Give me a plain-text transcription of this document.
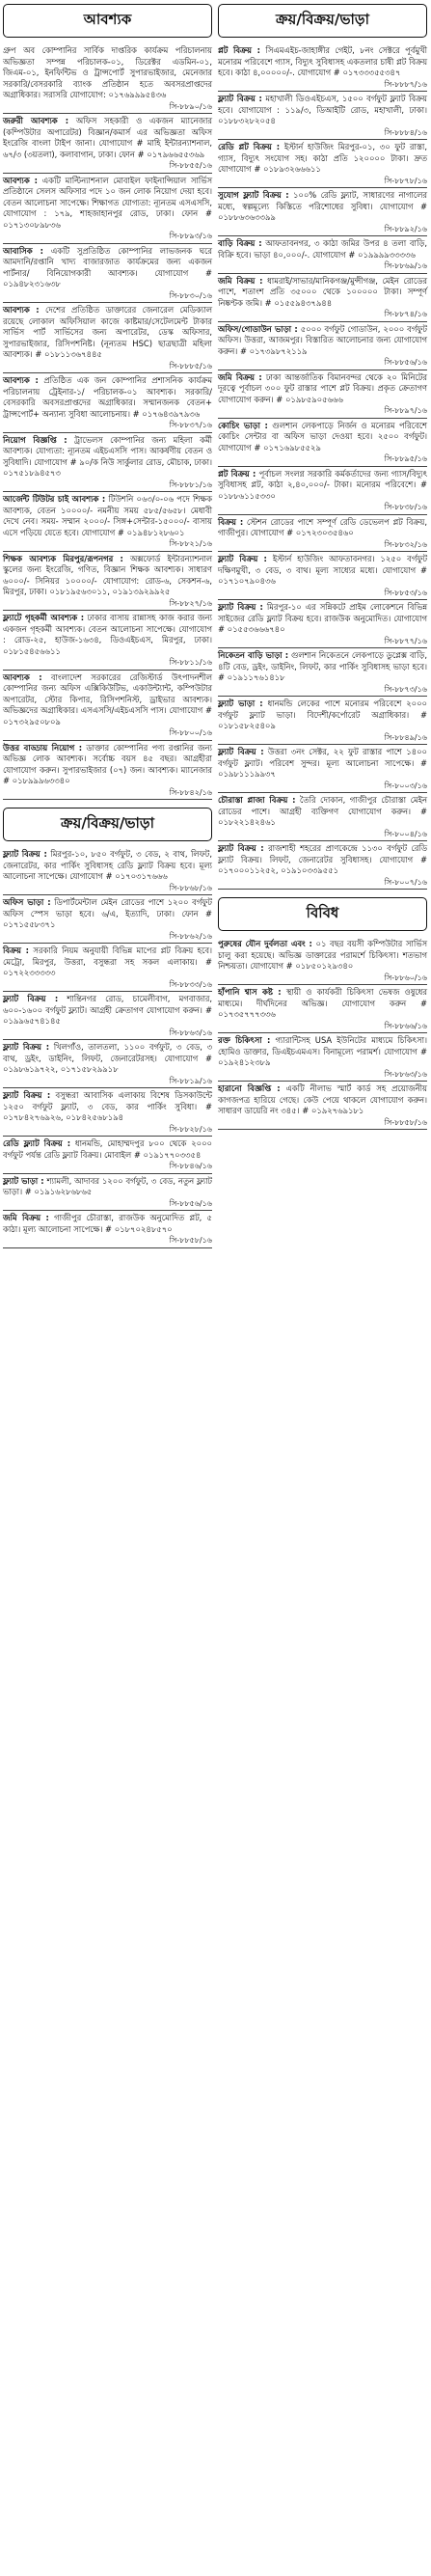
আবশ্যক
গ্রুপ অব কোম্পানির সার্বিক দাপ্তরিক কার্যক্রম পরিচালনায় অভিজ্ঞতা সম্পন্ন পরিচালক-০১, ডিরেক্টর এডমিন-০১, জিএম-০১, ইনফিন্টিভ ও ট্রান্সপোর্ট সুপারভাইজার, মেনেজার সরকারি/বেসরকারি ব্যাংক প্রতিষ্ঠান হতে অবসরপ্রাপ্তদের অগ্রাধিকার। সরাসরি যোগাযোগ: ০১৭৬৯৯৯৫৪৩৬
সি-৮৮৯০/১৬
জরুরী আবশ্যক : অফিস সহকারী ও একজন ম্যানেজার (কম্পিউটার অপারেটর) বিজ্ঞান/কমার্স এর অভিজ্ঞতা অফিস ইংরেজি বাংলা টাইপ জানা। যোগাযোগ # মাহি ইন্টারন্যাশনাল, ৬৭/৩ (৩য়তলা), কলাবাগান, ঢাকা। ফোন # ০১৭৯৬৬৫৫৩৬৯
সি-৮৮৫৫/১৬
আবশ্যক : একটি মাল্টিন্যাশনাল মোবাইল ফাইনান্সিয়াল সার্ভিস প্রতিষ্ঠানে সেলস অফিসার পদে ১০ জন লোক নিয়োগ দেয়া হবে। বেতন আলোচনা সাপেক্ষে। শিক্ষাগত যোগ্যতা: ন্যূনতম এসএসসি, যোগাযোগ : ১৭৯, শাহজাহানপুর রোড, ঢাকা। ফোন # ০১৭১৩০৮৯৮৩৬
সি-৮৮৯৩/১৬
আবাসিক : একটি সুপ্রতিষ্ঠিত কোম্পানির লাভজনক ঘরে আমদানি/রপ্তানি খাদ্য বাজারজাত কার্যক্রমের জন্য একজন পার্টনার/ বিনিয়োগকারী আবশ্যক। যোগাযোগ # ০১৯৪৮২৩১৬৩৮
সি-৮৮৩০/১৬
আবশ্যক : দেশের প্রতিষ্ঠিত ডাক্তারের জেনারেল মেডিক্যাল রয়েছে লোকাল অফিসিয়াল কাজে কাষ্টমার/সেটেলমেন্ট টাকার সার্ভিস পার্ট সার্ভিসের জন্য অপারেটর, ডেস্ক অফিসার, সুপারভাইজার, রিসিপশনিষ্ট। (নূন্যতম HSC) ছাত্রছাত্রী মহিলা আবশ্যক। # ০১৮১১৩৬৭৪৪৫
সি-৮৮৮৫/১৬
আবশ্যক : প্রতিষ্ঠিত এক জন কোম্পানির প্রশাসনিক কার্যক্রম পরিচালনায় ট্রেইনার-১/ পরিচালক-০১ আবশ্যক। সরকারি/বেসরকারি অবসরপ্রাপ্তদের অগ্রাধিকার। সম্মানজনক বেতন+ ট্রান্সপোর্ট+ অন্যান্য সুবিধা আলোচনায়। # ০১৭৬৪৩৯৭৯৩৬
সি-৮৮৩৭/১৬
নিয়োগ বিজ্ঞপ্তি : ট্রাভেলস কোম্পানির জন্য মহিলা কর্মী আবশ্যক। যোগ্যতা: ন্যূনতম এইচএসসি পাস। আকর্ষণীয় বেতন ও সুবিধাদি। যোগাযোগ # ৯০/ক নিউ সার্কুলার রোড, মৌচাক, ঢাকা। ০১৭৫১৮৯৪৫৭৩
সি-৮৮৮১/১৬
আর্জেন্ট টিউটর চাই আবশ্যক : টিউশনি ০৬৩/০-০৬ পদে শিক্ষক আবশ্যক, বেতন ১০০০০/- নমনীয় সময় ৫৮৫/৫৬৫৮। মেধাবী দেখে নেব। সময়- সম্মান ২০০০/- সিঙ্গ+সেন্টার-১৫০০০/- বাসায় এসে পড়িয়ে যেতে হবে। যোগাযোগ # ০১৯৪৮১২৮৬০১
সি-৮৮২১/১৬
শিক্ষক আবশ্যক মিরপুর/রূপনগর : অক্সফোর্ড ইন্টারন্যাশনাল স্কুলের জন্য ইংরেজি, গণিত, বিজ্ঞান শিক্ষক আবশ্যক। সাধারণ ৬০০০/- সিনিয়র ১০০০০/- যোগাযোগ: রোড-৬, সেকশন-৬, মিরপুর, ঢাকা। ০১৮১৯৫৬৩০১১, ০১৯১৩৯২৯৯২৫
সি-৮৮২৭/১৬
ফ্ল্যাটে গৃহকর্মী আবশ্যক : ঢাকার বাসায় রান্নাসহ কাজ করার জন্য একজন গৃহকর্মী আবশ্যক। বেতন আলোচনা সাপেক্ষে। যোগাযোগ : রোড-২৫, হাউজ-১৬৩৪, ডিওএইচএস, মিরপুর, ঢাকা। ০১৮১৫৪৫৬৬১১
সি-৮৮১১/১৬
আবশ্যক : বাংলাদেশ সরকারের রেজিস্টার্ড উৎপাদনশীল কোম্পানির জন্য অফিস এক্সিকিউটিভ, একাউন্ট্যান্ট, কম্পিউটার অপারেটর, স্টোর কিপার, রিসিপশনিস্ট, ড্রাইভার আবশ্যক। অভিজ্ঞদের অগ্রাধিকার। এসএসসি/এইচএসসি পাস। যোগাযোগ # ০১৭৩২৯৫০৮০৯
সি-৮৮০০/১৬
উত্তর বাড্ডায় নিয়োগ : ডাক্তার কোম্পানির পণ্য রপ্তানির জন্য অভিজ্ঞ লোক আবশ্যক। সর্বোচ্চ বয়স ৪৫ বছর। আগ্রহীরা যোগাযোগ করুন। সুপারভাইজার (০৭) জন। আবশ্যক। ম্যানেজার # ০১৮৯৯৯৬৩৩৪০
সি-৮৮৪২/১৬
ক্রয়/বিক্রয়/ভাড়া
ফ্ল্যাট বিক্রয় : মিরপুর-১০, ৮৫০ বর্গফুট, ৩ বেড, ২ বাথ, লিফট, জেনারেটর, কার পার্কিং সুবিধাসহ রেডি ফ্ল্যাট বিক্রয় হবে। মূল্য আলোচনা সাপেক্ষে। যোগাযোগ # ০১৭০৩১৭৬৬৬
সি-৮৮৬৮/১৬
অফিস ভাড়া : ডিপার্টমেন্টাল মেইন রোডের পাশে ১২০০ বর্গফুট অফিস স্পেস ভাড়া হবে। ৬/এ, ইত্যাদি, ঢাকা। ফোন # ০১৭১৫৫৮৩৭১
সি-৮৮৬২/১৬
বিক্রয় : সরকারি নিয়ম অনুযায়ী বিভিন্ন মাপের প্লট বিক্রয় হবে। মেট্রো, মিরপুর, উত্তরা, বসুন্ধরা সহ সকল এলাকায়। # ০১৭২২৩৩৩৩৩
সি-৮৮৩৩/১৬
ফ্ল্যাট বিক্রয় : শান্তিনগর রোড, চামেলীবাগ, মগবাজার, ৬০০-১৬০০ বর্গফুট ফ্ল্যাট। আগ্রহী ক্রেতাগণ যোগাযোগ করুন। # ০১৯৯৬৫৭৪১৪৫
সি-৮৮৬৩/১৬
ফ্ল্যাট বিক্রয় : খিলগাঁও, তালতলা, ১১০০ বর্গফুট, ৩ বেড, ৩ বাথ, ড্রইং, ডাইনিং, লিফট, জেনারেটরসহ। যোগাযোগ # ০১৯৮৬১৯৭২২, ০১৭১৫৮২৯৯১৮
সি-৮৮১৯/১৬
ফ্ল্যাট বিক্রয় : বসুন্ধরা আবাসিক এলাকায় বিশেষ ডিসকাউন্টে ১২৫০ বর্গফুট ফ্ল্যাট, ৩ বেড, কার পার্কিং সুবিধা। # ০১৭৮৪২৭৬৯২৬, ০১৮৪২৫৬৮১৯৪
সি-৮৮২৮/১৬
রেডি ফ্ল্যাট বিক্রয় : ধানমন্ডি, মোহাম্মদপুর ৮০০ থেকে ২০০০ বর্গফুট পর্যন্ত রেডি ফ্ল্যাট বিক্রয়। মোবাইল # ০১৯১৭৭০৩৩৫৪
সি-৮৮৪৬/১৬
ফ্ল্যাট ভাড়া : শ্যামলী, আদাবর ১২০০ বর্গফুট, ৩ বেড, নতুন ফ্ল্যাট ভাড়া। # ০১৯১৬২৮৬৮৬৫
সি-৮৮৫৬/১৬
জমি বিক্রয় : গাজীপুর চৌরাস্তা, রাজউক অনুমোদিত প্লট, ৫ কাঠা। মূল্য আলোচনা সাপেক্ষে। # ০১৮৭০২৪৮৫৭০
সি-৮৮৫৮/১৬
ক্রয়/বিক্রয়/ভাড়া
প্লট বিক্রয় : সিএমএইচ-জাহাঙ্গীর গেইট, ৮নং সেক্টরে পূর্বমুখী মনোরম পরিবেশে গ্যাস, বিদ্যুৎ সুবিধাসহ একতলার চাষী প্লট বিক্রয় হবে। কাঠা ৪,০০০০০/-. যোগাযোগ # ০১৭৩৩৩৫৫৩৪৭
সি-৮৮৮৭/১৬
ফ্ল্যাট বিক্রয় : মহাখালী ডিওএইচএস, ১৫০০ বর্গফুট ফ্ল্যাট বিক্রয় হবে। যোগাযোগ : ১১৯/৩, ডিআইটি রোড, মহাখালী, ঢাকা। ০১৮৮৩২৮২০৫৪
সি-৮৮৮৪/১৬
রেডি প্লট বিক্রয় : ইস্টার্ন হাউজিং মিরপুর-০১, ৩০ ফুট রাস্তা, গ্যাস, বিদ্যুৎ সংযোগ সহ। কাঠা প্রতি ১২০০০০ টাকা। দ্রুত যোগাযোগ # ০১৮৯৩২৬৬৬১১
সি-৮৮৭৮/১৬
সুযোগ ফ্ল্যাট বিক্রয় : ১০০% রেডি ফ্ল্যাট, সাধারণের নাগালের মধ্যে, স্বল্পমূল্যে কিস্তিতে পরিশোধের সুবিধা। যোগাযোগ # ০১৮৮৬৩৬৩৩৯৯
সি-৮৮৯২/১৬
বাড়ি বিক্রয় : আফতাবনগর, ৩ কাঠা জমির উপর ৪ তলা বাড়ি, বিক্রি হবে। ভাড়া ৪০,০০০/-. যোগাযোগ # ০১৯৯৯৯৩৩৩৩৬
সি-৮৮৬৯/১৬
জমি বিক্রয় : ধামরাই/সাভার/মানিকগঞ্জ/মুন্সীগঞ্জ, মেইন রোডের পাশে, শতাংশ প্রতি ৩৫০০০ থেকে ১০০০০০ টাকা। সম্পূর্ণ নিষ্কণ্টক জমি। # ০১৫৫৯৪৩৭৯৪৪
সি-৮৮৭৪/১৬
অফিস/গোডাউন ভাড়া : ৫০০০ বর্গফুট গোডাউন, ২০০০ বর্গফুট অফিস। উত্তরা, আজমপুর। বিস্তারিত আলোচনার জন্য যোগাযোগ করুন। # ০১৭৩৯৮৭২১১৯
সি-৮৮৫৬/১৬
জমি বিক্রয় : ঢাকা আন্তর্জাতিক বিমানবন্দর থেকে ২০ মিনিটের দূরত্বে পূর্বাচল ৩০০ ফুট রাস্তার পাশে প্লট বিক্রয়। প্রকৃত ক্রেতাগণ যোগাযোগ করুন। # ০১৯৮৫৯০৫৬৬৬
সি-৮৮৯৭/১৬
কোচিং ভাড়া : গুলশান লেকপাড়ে নির্জন ও মনোরম পরিবেশে কোচিং সেন্টার বা অফিস ভাড়া দেওয়া হবে। ২৫০০ বর্গফুট। যোগাযোগ # ০১৭১৬৯৮৫৫২৯
সি-৮৮৯৫/১৬
প্লট বিক্রয় : পূর্বাচল সংলগ্ন সরকারি কর্মকর্তাদের জন্য গ্যাস/বিদ্যুৎ সুবিধাসহ প্লট, কাঠা ২,৪০,০০০/- টাকা। মনোরম পরিবেশে। # ০১৮৮৬১১৫৩৩০
সি-৮৮৩৮/১৬
বিক্রয় : স্টেশন রোডের পাশে সম্পূর্ণ রেডি ডেভেলপ প্লট বিক্রয়, গাজীপুর। যোগাযোগ # ০১৭২৩০৩৫৪৬০
সি-৮৮৩২/১৬
ফ্ল্যাট বিক্রয় : ইস্টার্ন হাউজিং আফতাবনগর। ১২৫০ বর্গফুট দক্ষিণমুখী, ৩ বেড, ৩ বাথ। মূল্য সাধ্যের মধ্যে। যোগাযোগ # ০১৭১০৭৯০৪৩৬
সি-৮৮৫৩/১৬
ফ্ল্যাট বিক্রয় : মিরপুর-১০ এর সন্নিকটে প্রাইম লোকেশনে বিভিন্ন সাইজের রেডি ফ্ল্যাট বিক্রয় হবে। রাজউক অনুমোদিত। যোগাযোগ # ০১৫৫৩৬৬৬৭৪০
সি-৮৮৭৭/১৬
নিকেতন বাড়ি ভাড়া : গুলশান নিকেতনে লেকপাড়ে ডুপ্লেক্স বাড়ি, ৪টি বেড, ড্রইং, ডাইনিং, লিফট, কার পার্কিং সুবিধাসহ ভাড়া হবে। # ০১৯১১৭৬১৪১৮
সি-৮৮৭৩/১৬
ফ্ল্যাট ভাড়া : ধানমন্ডি লেকের পাশে মনোরম পরিবেশে ২০০০ বর্গফুট ফ্ল্যাট ভাড়া। বিদেশী/কর্পোরেট অগ্রাধিকার। # ০১৮১৫৮২৫৪০৯
সি-৮৮৪৯/১৬
ফ্ল্যাট বিক্রয় : উত্তরা ৩নং সেক্টর, ২২ ফুট রাস্তার পাশে ১৪০০ বর্গফুট ফ্ল্যাট। পরিবেশ সুন্দর। মূল্য আলোচনা সাপেক্ষে। # ০১৯৮১১১৯৯৩৭
সি-৮০০৩/১৬
চৌরাস্তা প্লাজা বিক্রয় : তৈরি দোকান, গাজীপুর চৌরাস্তা মেইন রোডের পাশে। আগ্রহী ব্যক্তিগণ যোগাযোগ করুন। # ০১৮২২১৪২৪৬১
সি-৮০০৪/১৬
ফ্ল্যাট বিক্রয় : রাজশাহী শহরের প্রাণকেন্দ্রে ১১৩০ বর্গফুট রেডি ফ্ল্যাট বিক্রয়। লিফট, জেনারেটর সুবিধাসহ। যোগাযোগ # ০১৭০০০১১২৫২, ০১৯১০৩৩৯৫৫১
সি-৮০০৭/১৬
বিবিধ
পুরুষের যৌন দুর্বলতা এবং : ০১ বছর বয়সী কম্পিউটার সার্ভিস চালু করা হয়েছে। অভিজ্ঞ ডাক্তারের পরামর্শে চিকিৎসা। শতভাগ নিশ্চয়তা। যোগাযোগ # ০১৮৫০১২৯৩৪০
সি-৮৮৬০/১৬
হাঁপানি শ্বাস কষ্ট : স্থায়ী ও কার্যকরী চিকিৎসা ভেষজ ওষুধের মাধ্যমে। দীর্ঘদিনের অভিজ্ঞ। যোগাযোগ করুন # ০১৭৩৫৭৭৭৩৩৬
সি-৮৮৬৬/১৬
রক্ত চিকিৎসা : গ্যারান্টিসহ USA ইউনিটের মাধ্যমে চিকিৎসা। হোমিও ডাক্তার, ডিএইচএমএস। বিনামূল্যে পরামর্শ। যোগাযোগ # ০১৯২৪১২৩৮৯
সি-৮৮৬৩/১৬
হারানো বিজ্ঞপ্তি : একটি নীলাভ স্মার্ট কার্ড সহ প্রয়োজনীয় কাগজপত্র হারিয়ে গেছে। কেউ পেয়ে থাকলে যোগাযোগ করুন। সাধারণ ডায়েরি নং ৩৪৫। # ০১৯২৭৬৯১৮১
সি-৮৮৫৮/১৬
